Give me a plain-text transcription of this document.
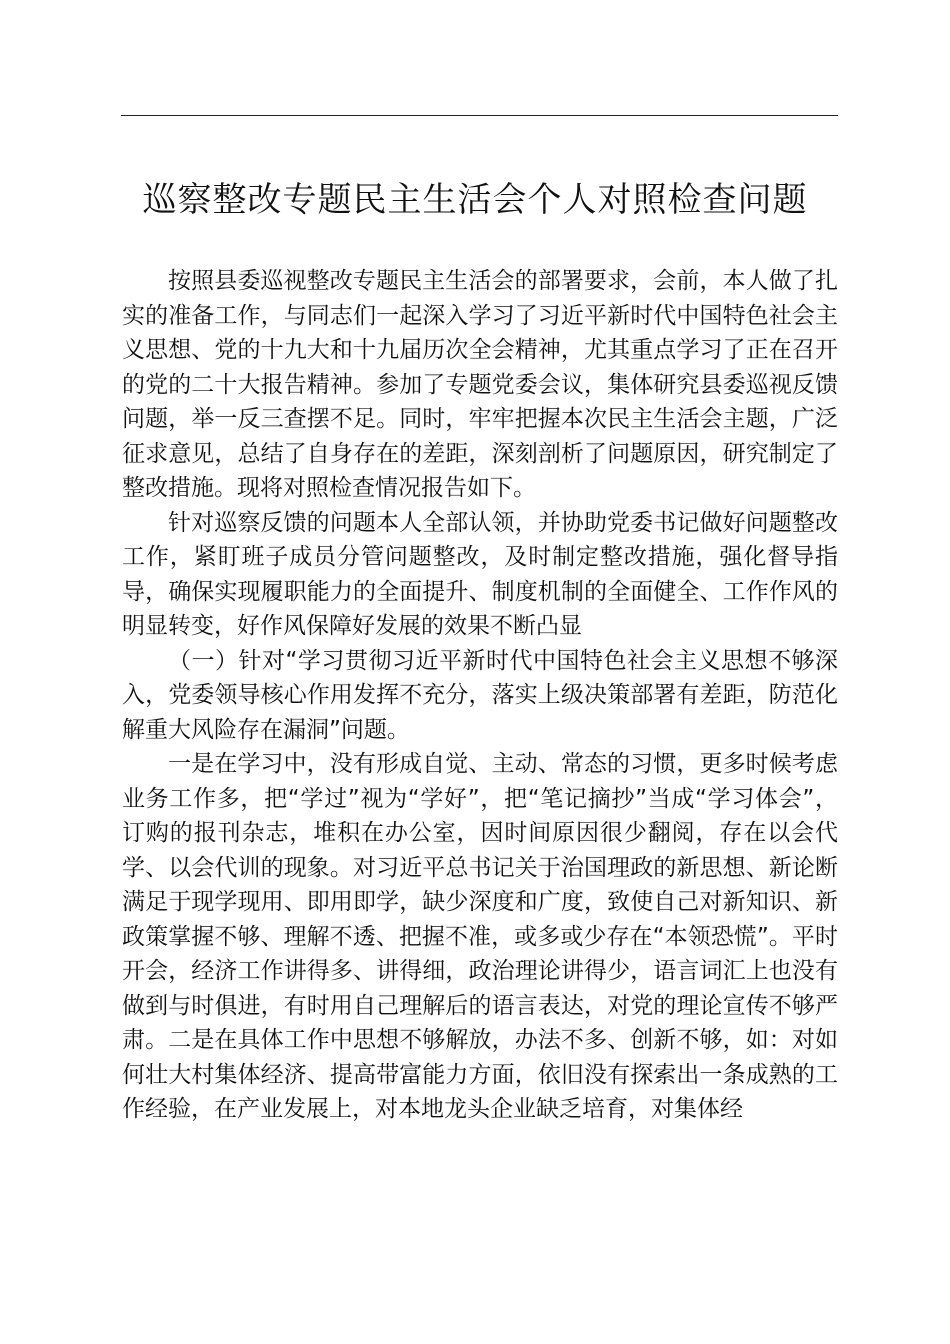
巡察整改专题民主生活会个人对照检查问题

按照县委巡视整改专题民主生活会的部署要求，会前，本人做了扎实的准备工作，与同志们一起深入学习了习近平新时代中国特色社会主义思想、党的十九大和十九届历次全会精神，尤其重点学习了正在召开的党的二十大报告精神。参加了专题党委会议，集体研究县委巡视反馈问题，举一反三查摆不足。同时，牢牢把握本次民主生活会主题，广泛征求意见，总结了自身存在的差距，深刻剖析了问题原因，研究制定了整改措施。现将对照检查情况报告如下。

针对巡察反馈的问题本人全部认领，并协助党委书记做好问题整改工作，紧盯班子成员分管问题整改，及时制定整改措施，强化督导指导，确保实现履职能力的全面提升、制度机制的全面健全、工作作风的明显转变，好作风保障好发展的效果不断凸显

（一）针对“学习贯彻习近平新时代中国特色社会主义思想不够深入，党委领导核心作用发挥不充分，落实上级决策部署有差距，防范化解重大风险存在漏洞”问题。

一是在学习中，没有形成自觉、主动、常态的习惯，更多时候考虑业务工作多，把“学过”视为“学好”，把“笔记摘抄”当成“学习体会”，订购的报刊杂志，堆积在办公室，因时间原因很少翻阅，存在以会代学、以会代训的现象。对习近平总书记关于治国理政的新思想、新论断满足于现学现用、即用即学，缺少深度和广度，致使自己对新知识、新政策掌握不够、理解不透、把握不准，或多或少存在“本领恐慌”。平时开会，经济工作讲得多、讲得细，政治理论讲得少，语言词汇上也没有做到与时俱进，有时用自己理解后的语言表达，对党的理论宣传不够严肃。二是在具体工作中思想不够解放，办法不多、创新不够，如：对如何壮大村集体经济、提高带富能力方面，依旧没有探索出一条成熟的工作经验，在产业发展上，对本地龙头企业缺乏培育，对集体经
